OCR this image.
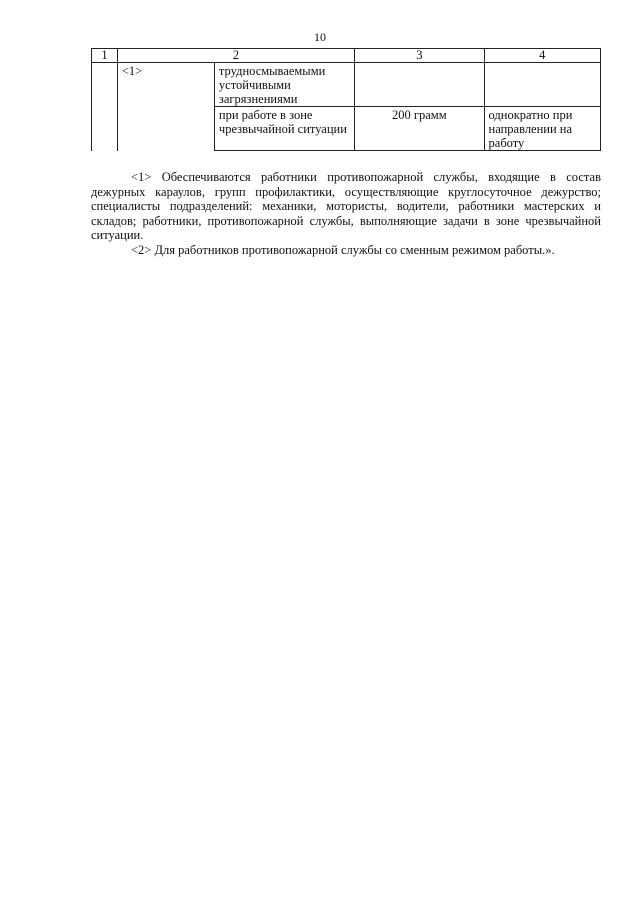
10
1	2		3	4
	<1>	трудносмываемыми устойчивыми загрязнениями		
		при работе в зоне чрезвычайной ситуации	200 грамм	однократно при направлении на работу

<1> Обеспечиваются работники противопожарной службы, входящие в состав дежурных караулов, групп профилактики, осуществляющие круглосуточное дежурство; специалисты подразделений: механики, мотористы, водители, работники мастерских и складов; работники, противопожарной службы, выполняющие задачи в зоне чрезвычайной ситуации.

<2> Для работников противопожарной службы со сменным режимом работы.».
